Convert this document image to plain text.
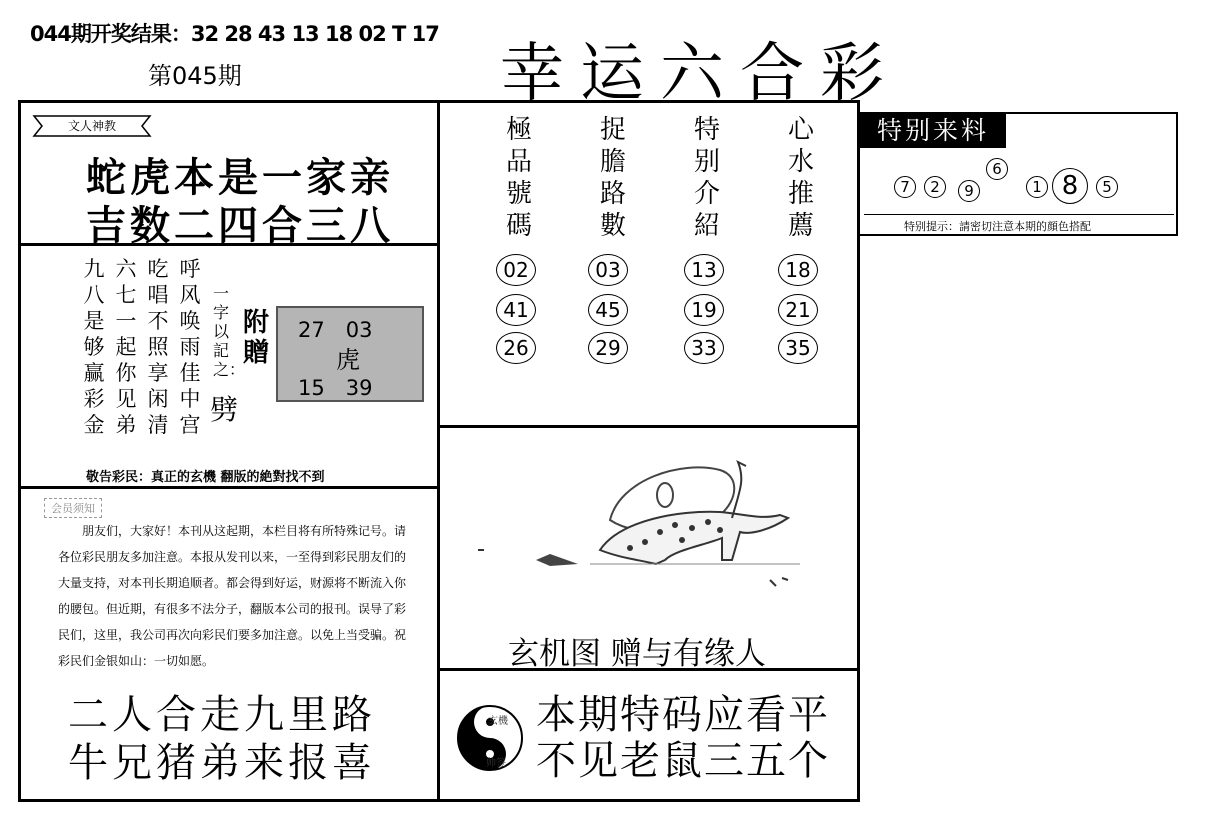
044期开奖结果：32 28 43 13 18 02 T 17
第045期	幸运六合彩
文人神教
蛇虎本是一家亲
吉数二四合三八
九八是够赢彩金
六七一起你见弟
吃唱不照享闲清
呼风唤雨佳中宫
一字以記之：
劈
附贈
27　03
虎
15　39
敬告彩民：真正的玄機 翻版的絶對找不到
会员须知
朋友们，大家好！本刊从这起期，本栏目将有所特殊记号。请各位彩民朋友多加注意。本报从发刊以来，一至得到彩民朋友们的大量支持，对本刊长期追顺者。都会得到好运，财源将不断流入你的腰包。但近期，有很多不法分子，翻版本公司的报刊。误导了彩民们，这里，我公司再次向彩民们要多加注意。以免上当受骗。祝彩民们金银如山：一切如愿。
二人合走九里路
牛兄猪弟来报喜
極品號碼
捉膽路數
特别介紹
心水推薦
02	03	13	18
41	45	19	21
26	29	33	35
玄机图 赠与有缘人
玄機
帅签
本期特码应看平
不见老鼠三五个
特别来料
7	2	9
6
1 8	5
特别提示：請密切注意本期的顔色搭配
